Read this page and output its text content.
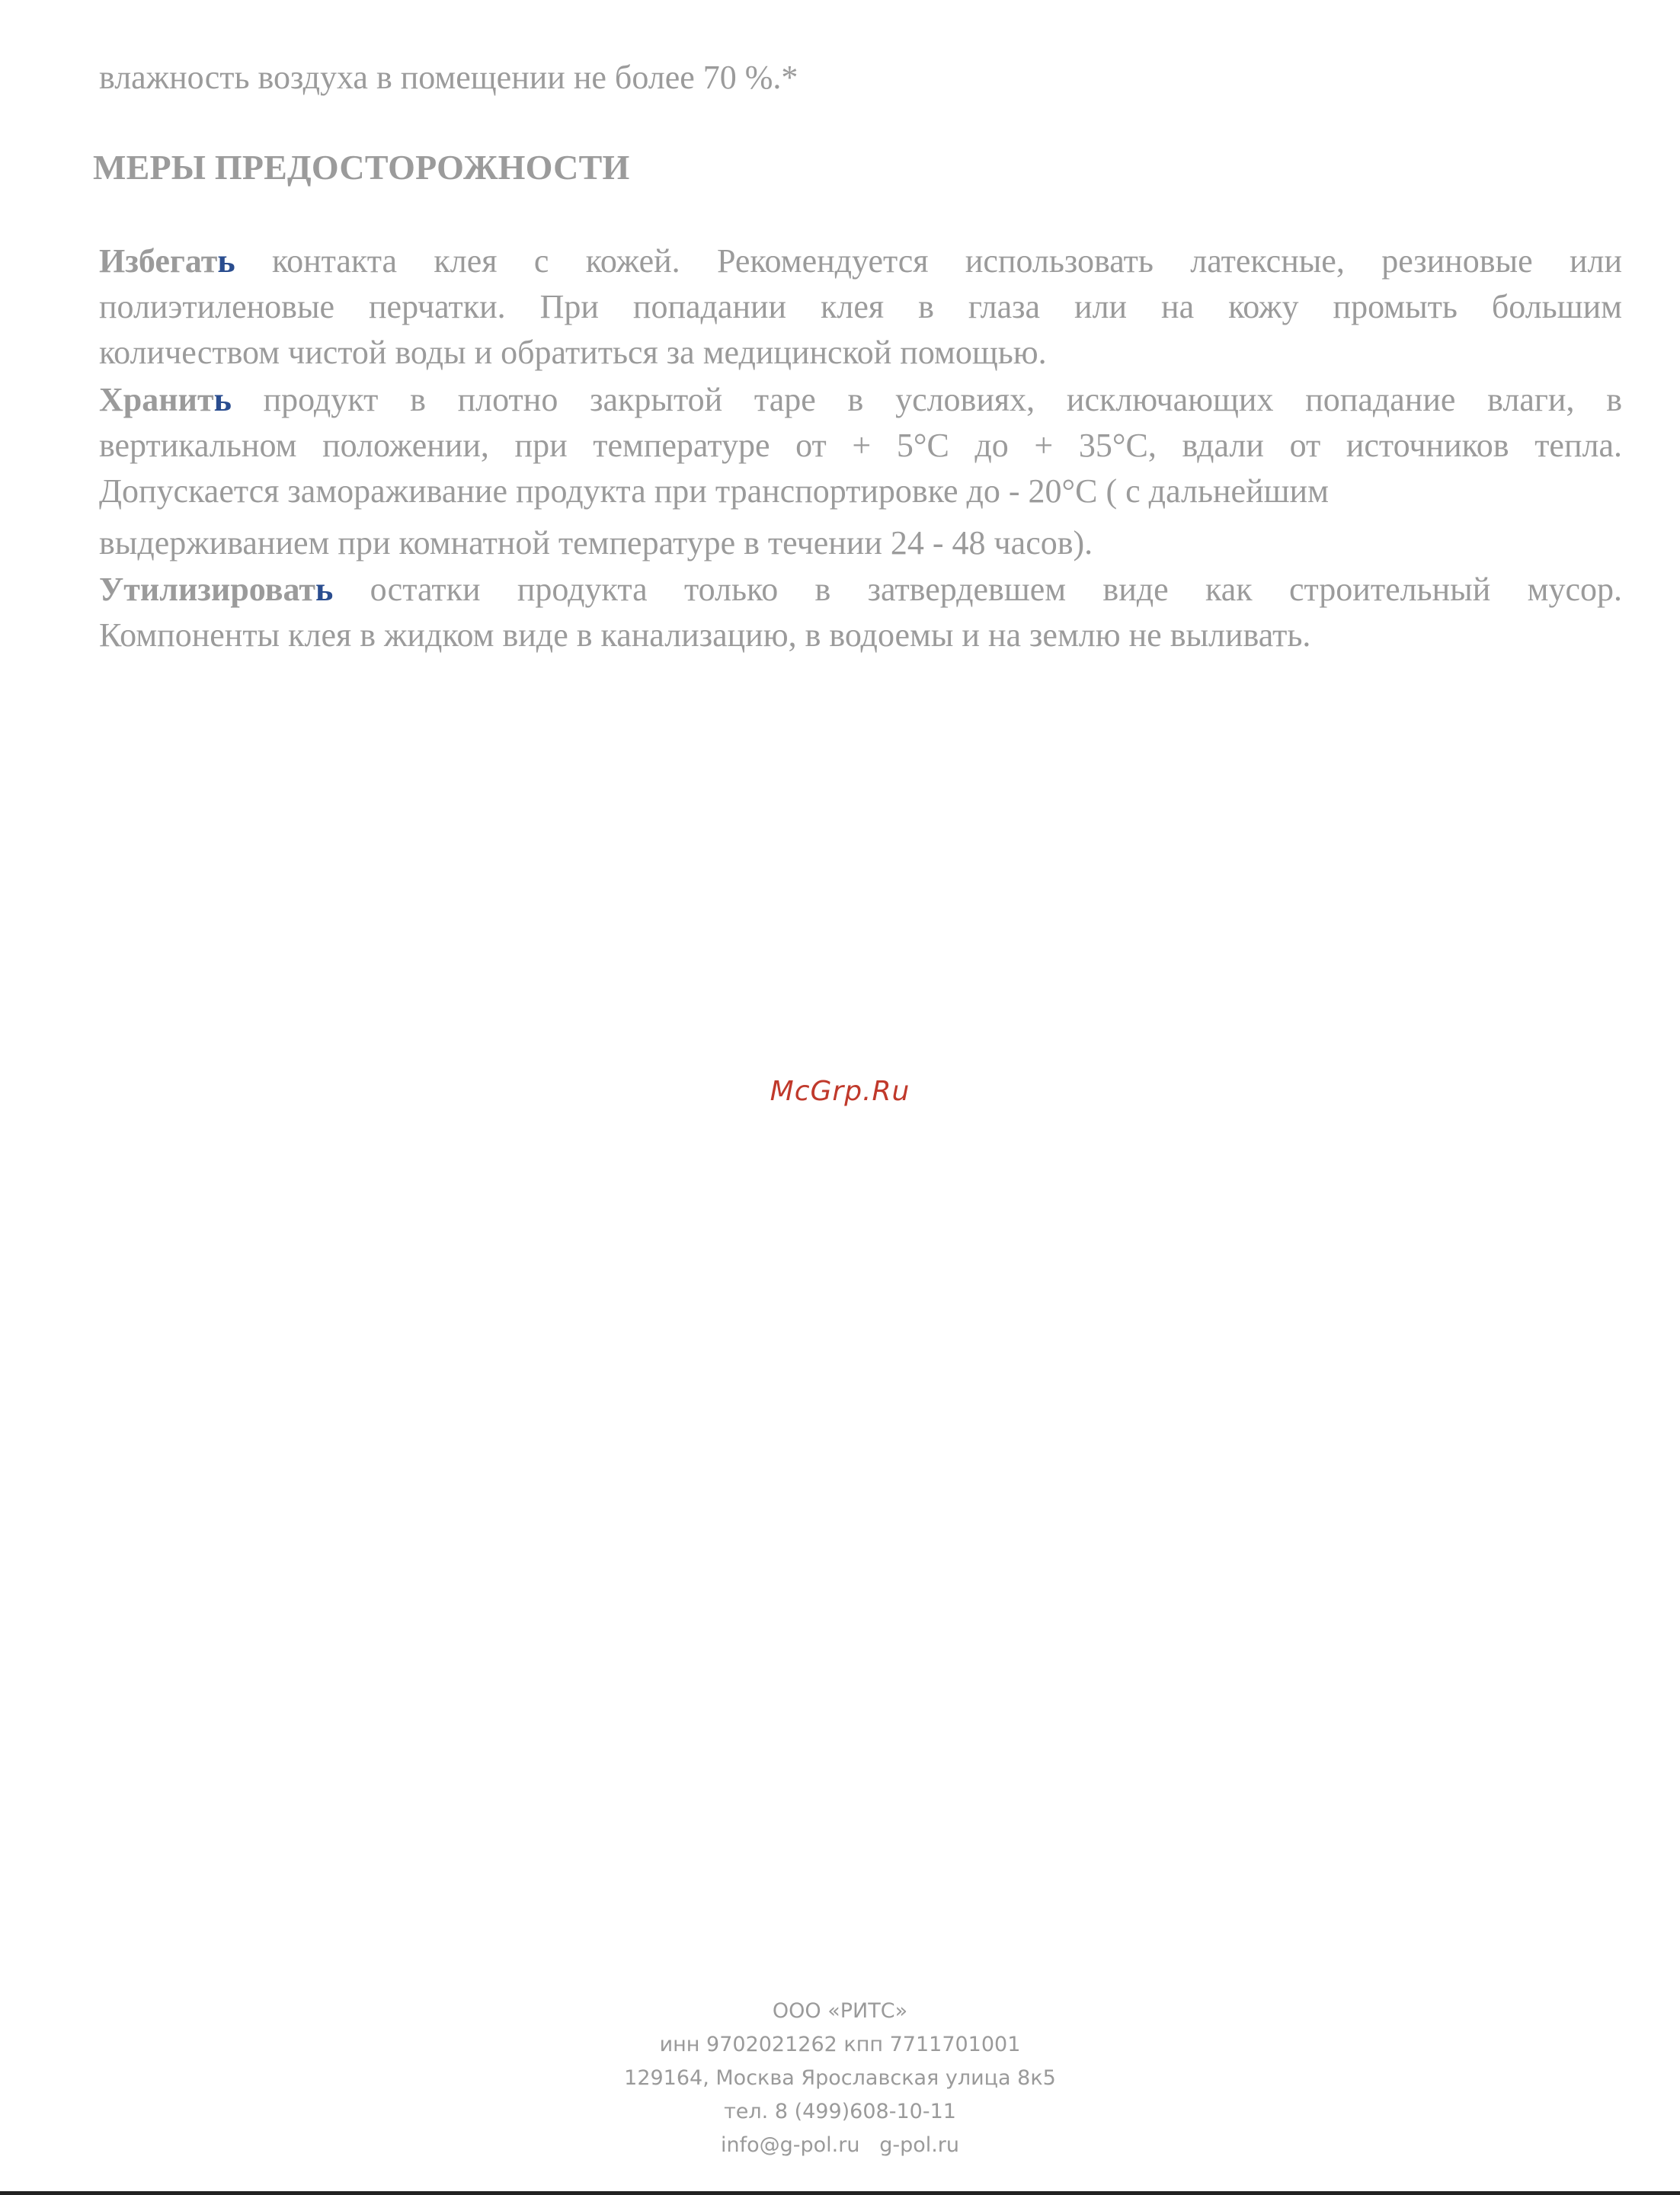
влажность воздуха в помещении не более 70 %.*
МЕРЫ ПРЕДОСТОРОЖНОСТИ
Избегать контакта клея с кожей. Рекомендуется использовать латексные, резиновые или
полиэтиленовые перчатки. При попадании клея в глаза или на кожу промыть большим
количеством чистой воды и обратиться за медицинской помощью.
Хранить продукт в плотно закрытой таре в условиях, исключающих попадание влаги, в
вертикальном положении, при температуре от + 5°С до + 35°С, вдали от источников тепла.
Допускается замораживание продукта при транспортировке до - 20°С ( с дальнейшим
выдерживанием при комнатной температуре в течении 24 - 48 часов).
Утилизировать остатки продукта только в затвердевшем виде как строительный мусор.
Компоненты клея в жидком виде в канализацию, в водоемы и на землю не выливать.
McGrp.Ru
ООО «РИТС»
инн 9702021262 кпп 7711701001
129164, Москва Ярославская улица 8к5
тел. 8 (499)608-10-11
info@g-pol.ru g-pol.ru
